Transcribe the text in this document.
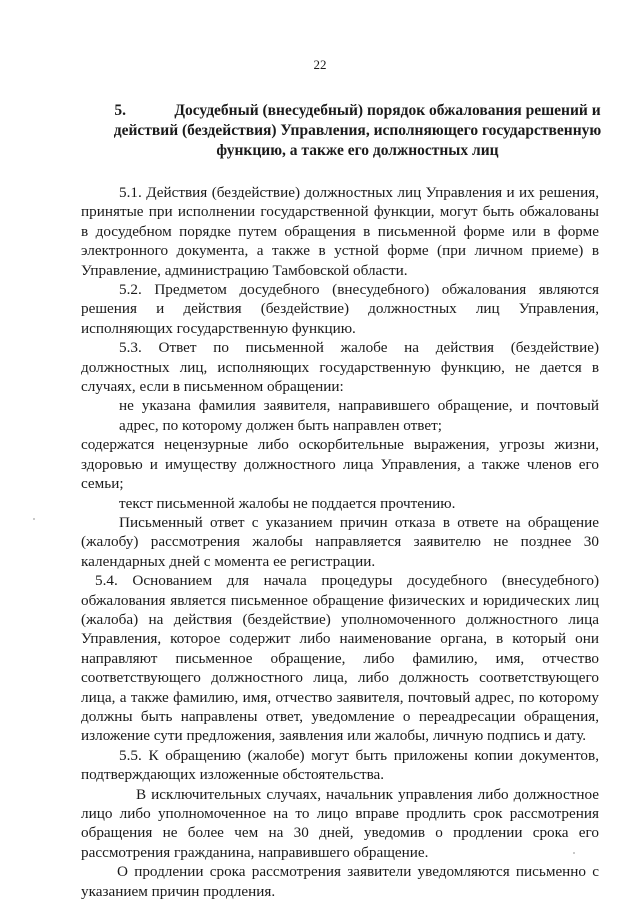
22
5.	Досудебный (внесудебный) порядок обжалования решений и действий (бездействия) Управления, исполняющего государственную функцию, а также его должностных лиц

5.1. Действия (бездействие) должностных лиц Управления и их решения, принятые при исполнении государственной функции, могут быть обжалованы в досудебном порядке путем обращения в письменной форме или в форме электронного документа, а также в устной форме (при личном приеме) в Управление, администрацию Тамбовской области.

5.2. Предметом досудебного (внесудебного) обжалования являются решения и действия (бездействие) должностных лиц Управления, исполняющих государственную функцию.

5.3. Ответ по письменной жалобе на действия (бездействие) должностных лиц, исполняющих государственную функцию, не дается в случаях, если в письменном обращении:

не указана фамилия заявителя, направившего обращение, и почтовый адрес, по которому должен быть направлен ответ;

содержатся нецензурные либо оскорбительные выражения, угрозы жизни, здоровью и имуществу должностного лица Управления, а также членов его семьи;

текст письменной жалобы не поддается прочтению.

Письменный ответ с указанием причин отказа в ответе на обращение (жалобу) рассмотрения жалобы направляется заявителю не позднее 30 календарных дней с момента ее регистрации.

5.4. Основанием для начала процедуры досудебного (внесудебного) обжалования является письменное обращение физических и юридических лиц (жалоба) на действия (бездействие) уполномоченного должностного лица Управления, которое содержит либо наименование органа, в который они направляют письменное обращение, либо фамилию, имя, отчество соответствующего должностного лица, либо должность соответствующего лица, а также фамилию, имя, отчество заявителя, почтовый адрес, по которому должны быть направлены ответ, уведомление о переадресации обращения, изложение сути предложения, заявления или жалобы, личную подпись и дату.

5.5. К обращению (жалобе) могут быть приложены копии документов, подтверждающих изложенные обстоятельства.

В исключительных случаях, начальник управления либо должностное лицо либо уполномоченное на то лицо вправе продлить срок рассмотрения обращения не более чем на 30 дней, уведомив о продлении срока его рассмотрения гражданина, направившего обращение.

О продлении срока рассмотрения заявители уведомляются письменно с указанием причин продления.
